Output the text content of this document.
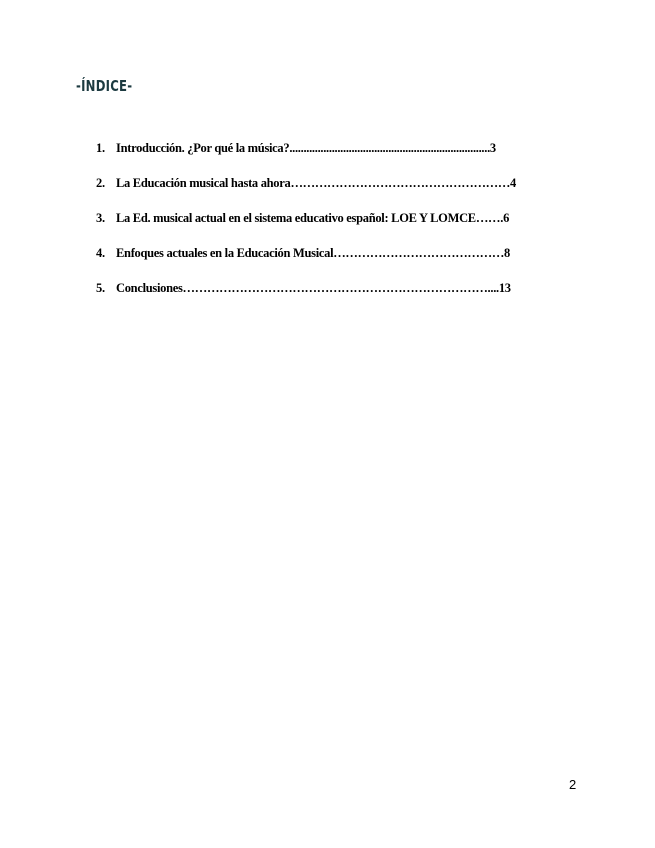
-ÍNDICE-
1. Introducción. ¿Por qué la música?.......................................................................3
2. La Educación musical hasta ahora………………………………………………4
3. La Ed. musical actual en el sistema educativo español: LOE Y LOMCE…….6
4. Enfoques actuales en la Educación Musical……………………………………8
5. Conclusiones…………………………………………………………………....13
2
